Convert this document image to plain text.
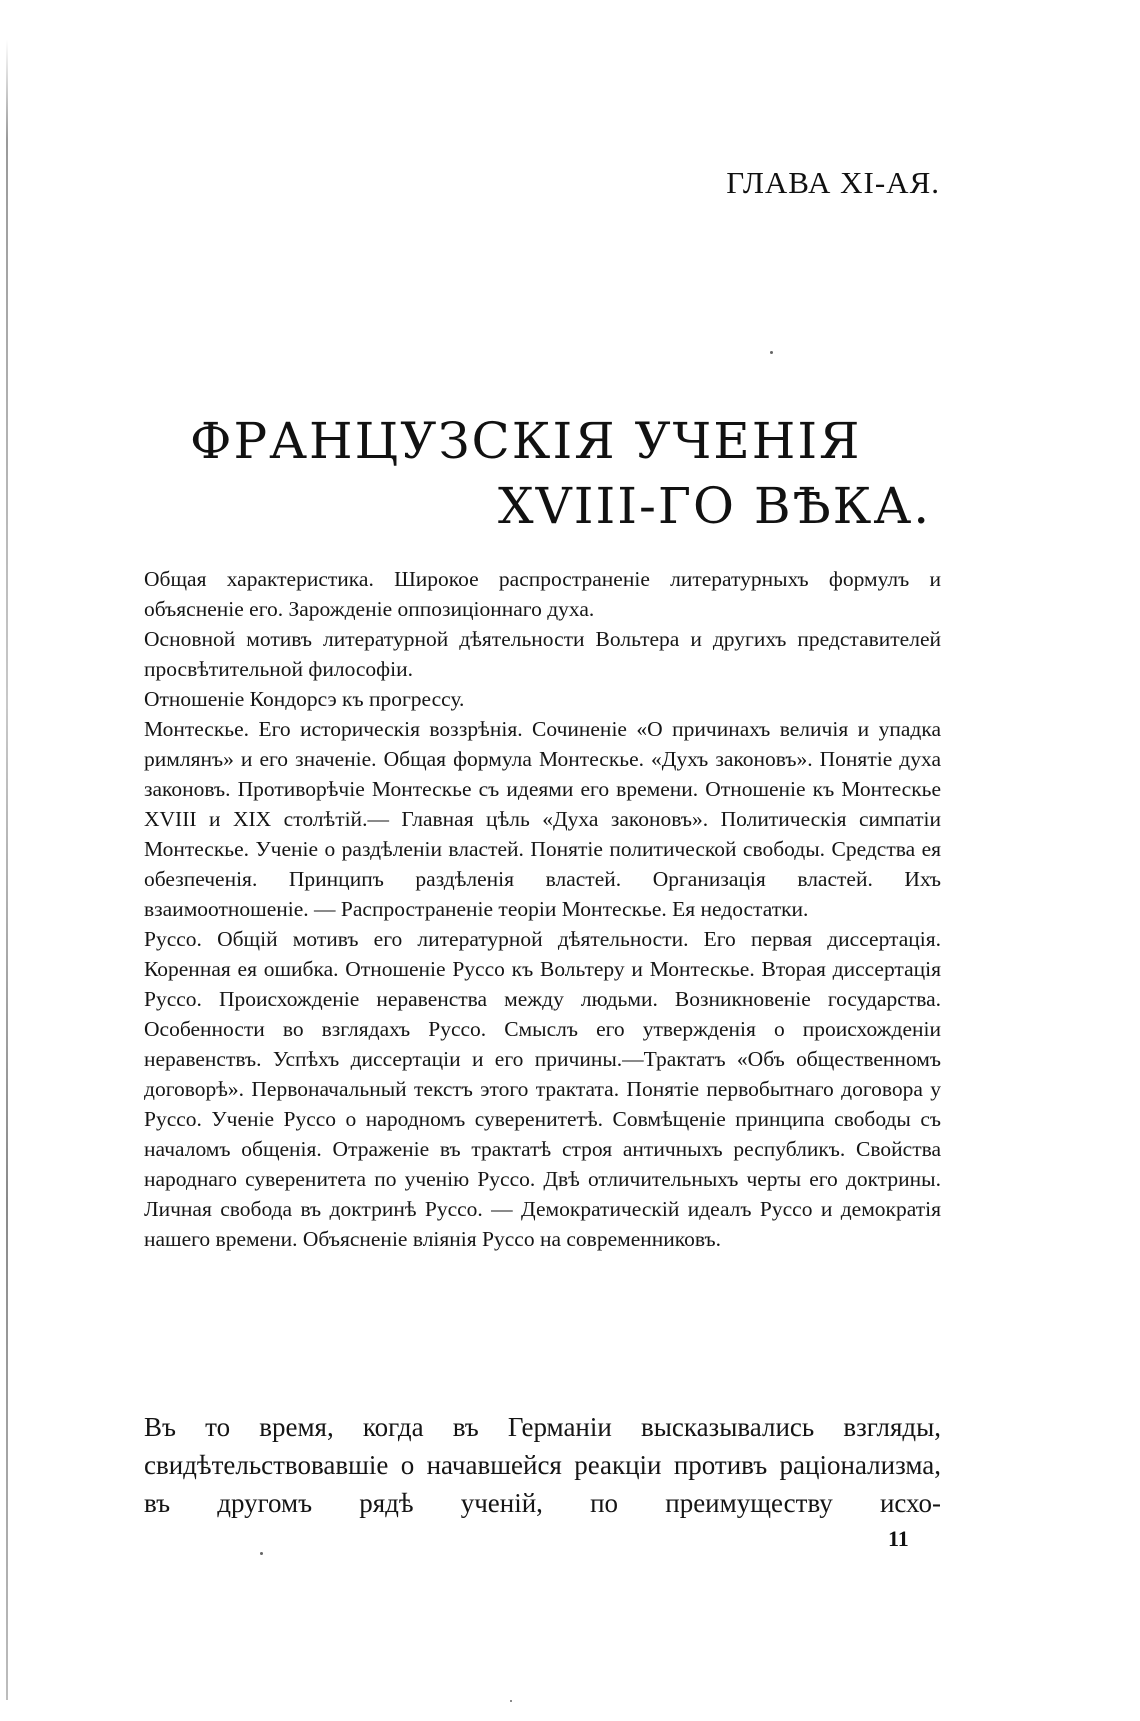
ГЛАВА XI-АЯ.
ФРАНЦУЗСКІЯ УЧЕНІЯ
XVIII-ГО ВѢКА.

Общая характеристика. Широкое распространеніе литературныхъ формулъ и объясненіе его. Зарожденіе оппозиціоннаго духа.

Основной мотивъ литературной дѣятельности Вольтера и другихъ представителей просвѣтительной философіи.

Отношеніе Кондорсэ къ прогрессу.

Монтескье. Его историческія воззрѣнія. Сочиненіе «О причинахъ величія и упадка римлянъ» и его значеніе. Общая формула Монтескье. «Духъ законовъ». Понятіе духа законовъ. Противорѣчіе Монтескье съ идеями его времени. Отношеніе къ Монтескье XVIII и XIX столѣтій.— Главная цѣль «Духа законовъ». Политическія симпатіи Монтескье. Ученіе о раздѣленіи властей. Понятіе политической свободы. Средства ея обезпеченія. Принципъ раздѣленія властей. Организація властей. Ихъ взаимоотношеніе. — Распространеніе теоріи Монтескье. Ея недостатки.

Руссо. Общій мотивъ его литературной дѣятельности. Его первая диссертація. Коренная ея ошибка. Отношеніе Руссо къ Вольтеру и Монтескье. Вторая диссертація Руссо. Происхожденіе неравенства между людьми. Возникновеніе государства. Особенности во взглядахъ Руссо. Смыслъ его утвержденія о происхожденіи неравенствъ. Успѣхъ диссертаціи и его причины.—Трактатъ «Объ общественномъ договорѣ». Первоначальный текстъ этого трактата. Понятіе первобытнаго договора у Руссо. Ученіе Руссо о народномъ суверенитетѣ. Совмѣщеніе принципа свободы съ началомъ общенія. Отраженіе въ трактатѣ строя античныхъ республикъ. Свойства народнаго суверенитета по ученію Руссо. Двѣ отличительныхъ черты его доктрины. Личная свобода въ доктринѣ Руссо. — Демократическій идеалъ Руссо и демократія нашего времени. Объясненіе вліянія Руссо на современниковъ.

Въ то время, когда въ Германіи высказывались взгляды, свидѣтельствовавшіе о начавшейся реакціи противъ раціонализма, въ другомъ рядѣ ученій, по преимуществу исхо-
11
